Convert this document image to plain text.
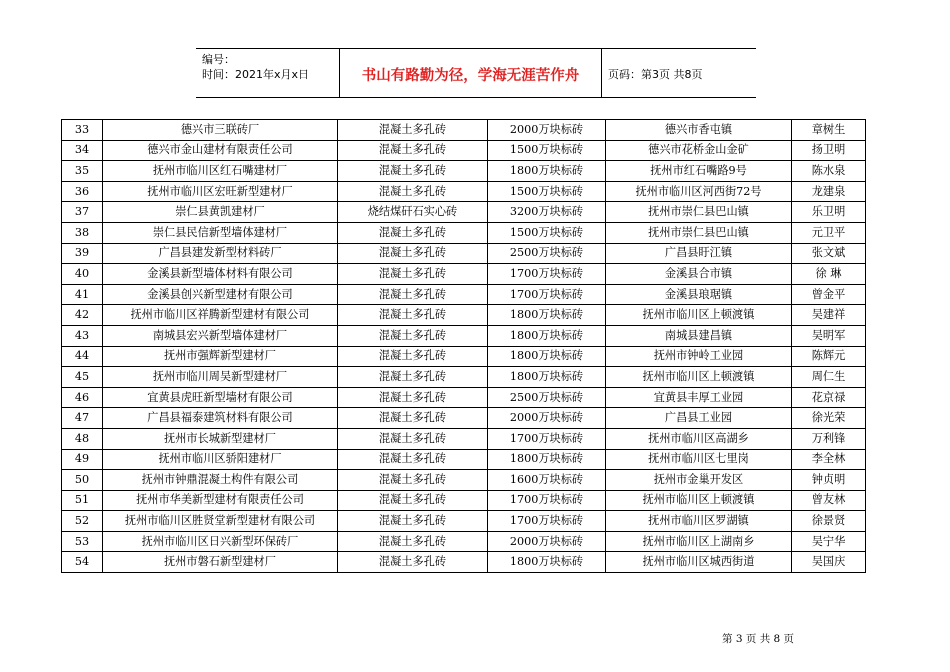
编号：
时间：2021年x月x日	书山有路勤为径，学海无涯苦作舟	页码：第3页 共8页
33	德兴市三联砖厂	混凝土多孔砖	2000万块标砖	德兴市香屯镇	章树生
34	德兴市金山建材有限责任公司	混凝土多孔砖	1500万块标砖	德兴市花桥金山金矿	扬卫明
35	抚州市临川区红石嘴建材厂	混凝土多孔砖	1800万块标砖	抚州市红石嘴路9号	陈水泉
36	抚州市临川区宏旺新型建材厂	混凝土多孔砖	1500万块标砖	抚州市临川区河西街72号	龙建泉
37	崇仁县黄凯建材厂	烧结煤矸石实心砖	3200万块标砖	抚州市崇仁县巴山镇	乐卫明
38	崇仁县民信新型墙体建材厂	混凝土多孔砖	1500万块标砖	抚州市崇仁县巴山镇	元卫平
39	广昌县建发新型材料砖厂	混凝土多孔砖	2500万块标砖	广昌县盱江镇	张文斌
40	金溪县新型墙体材料有限公司	混凝土多孔砖	1700万块标砖	金溪县合市镇	徐 琳
41	金溪县创兴新型建材有限公司	混凝土多孔砖	1700万块标砖	金溪县琅琚镇	曾金平
42	抚州市临川区祥腾新型建材有限公司	混凝土多孔砖	1800万块标砖	抚州市临川区上顿渡镇	吴建祥
43	南城县宏兴新型墙体建材厂	混凝土多孔砖	1800万块标砖	南城县建昌镇	吴明军
44	抚州市强辉新型建材厂	混凝土多孔砖	1800万块标砖	抚州市钟岭工业园	陈辉元
45	抚州市临川周吴新型建材厂	混凝土多孔砖	1800万块标砖	抚州市临川区上顿渡镇	周仁生
46	宜黄县虎旺新型墙材有限公司	混凝土多孔砖	2500万块标砖	宜黄县丰厚工业园	花京禄
47	广昌县福泰建筑材料有限公司	混凝土多孔砖	2000万块标砖	广昌县工业园	徐光荣
48	抚州市长城新型建材厂	混凝土多孔砖	1700万块标砖	抚州市临川区高湖乡	万利锋
49	抚州市临川区骄阳建材厂	混凝土多孔砖	1800万块标砖	抚州市临川区七里岗	李全林
50	抚州市钟鼎混凝土构件有限公司	混凝土多孔砖	1600万块标砖	抚州市金巢开发区	钟贞明
51	抚州市华美新型建材有限责任公司	混凝土多孔砖	1700万块标砖	抚州市临川区上顿渡镇	曾友林
52	抚州市临川区胜贤堂新型建材有限公司	混凝土多孔砖	1700万块标砖	抚州市临川区罗湖镇	徐景贤
53	抚州市临川区日兴新型环保砖厂	混凝土多孔砖	2000万块标砖	抚州市临川区上湖南乡	吴宁华
54	抚州市磐石新型建材厂	混凝土多孔砖	1800万块标砖	抚州市临川区城西街道	吴国庆
第 3 页 共 8 页
